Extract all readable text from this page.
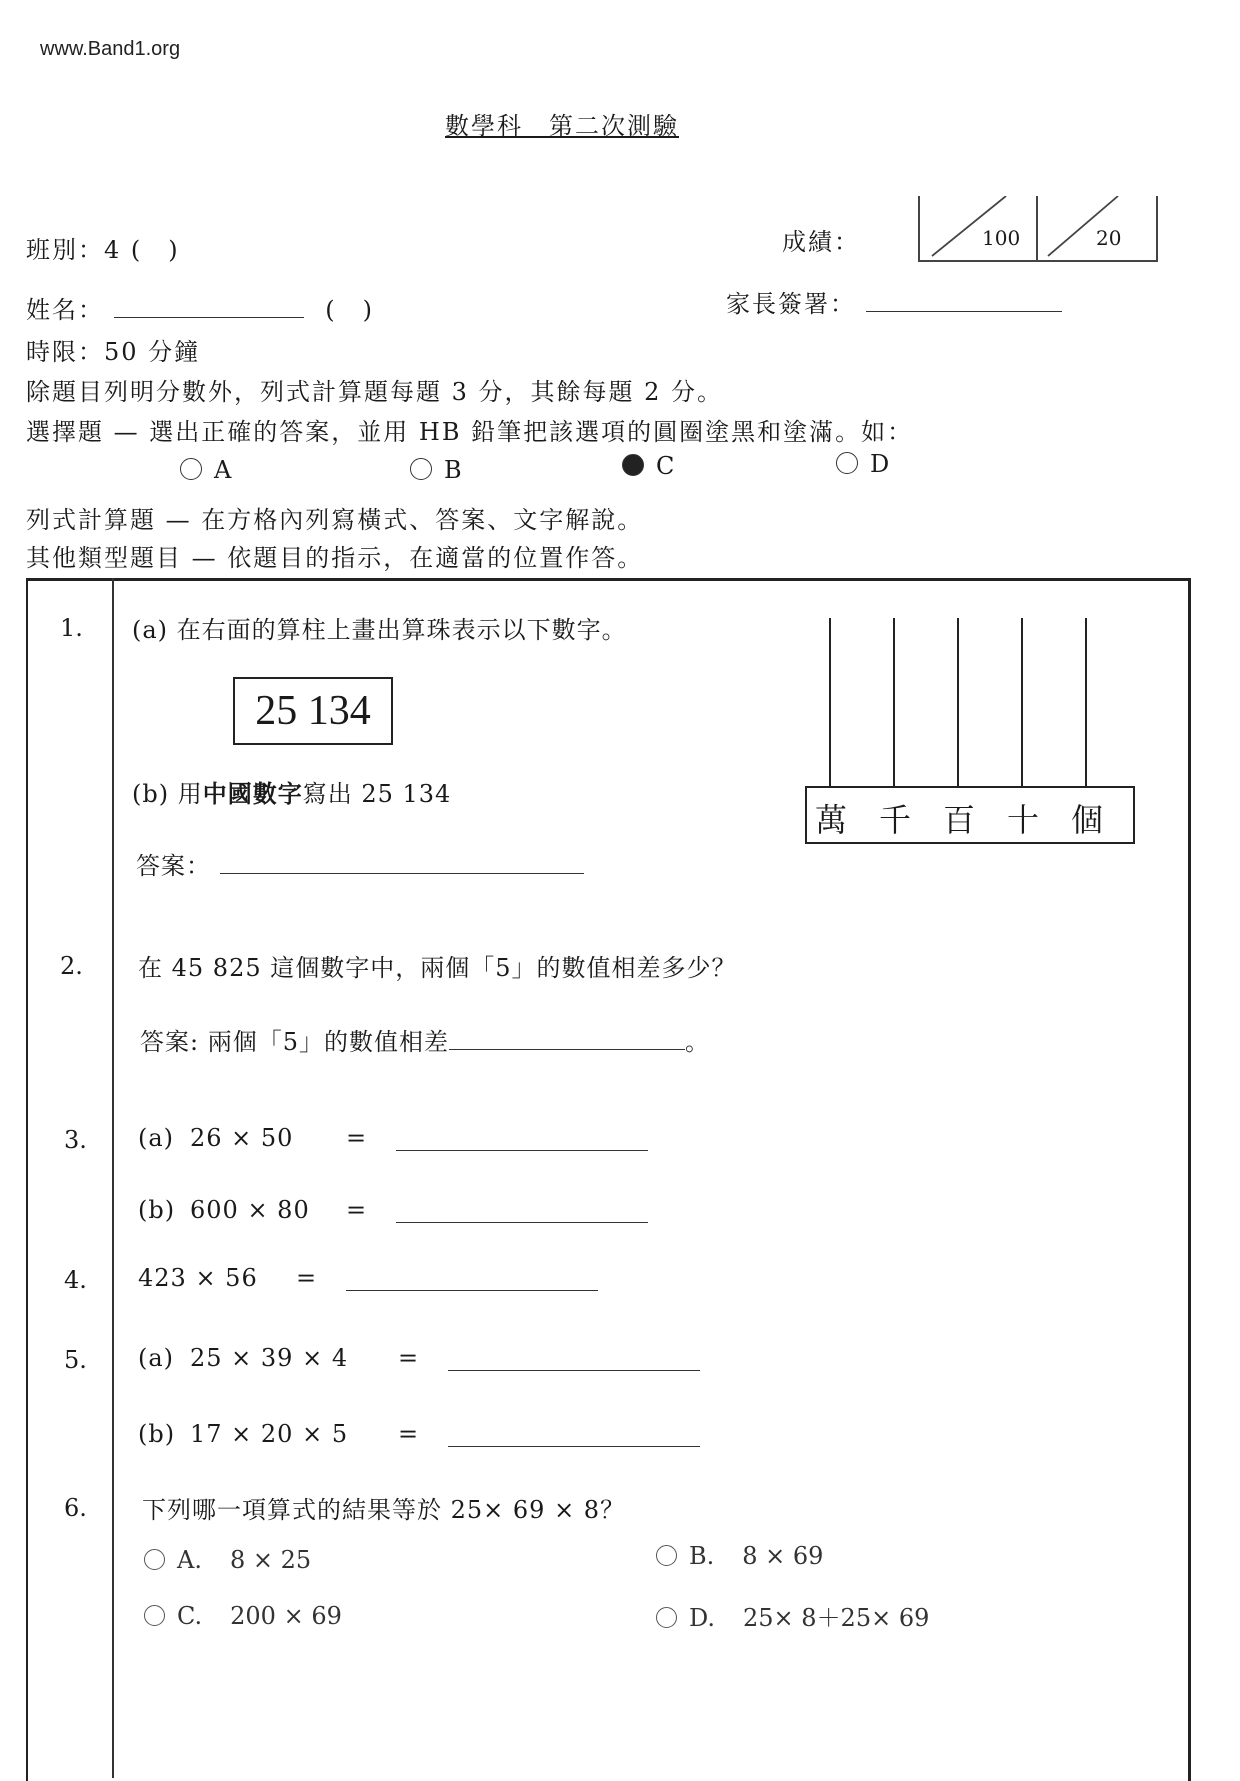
www.Band1.org
數學科　第二次測驗
班別：4 (　)	成績：	100	20
姓名：	(　)	家長簽署：
時限：50 分鐘
除題目列明分數外，列式計算題每題 3 分，其餘每題 2 分。
選擇題 — 選出正確的答案，並用 HB 鉛筆把該選項的圓圈塗黑和塗滿。如：
A	B	C	D
列式計算題 — 在方格內列寫橫式、答案、文字解說。
其他類型題目 — 依題目的指示，在適當的位置作答。
1. (a) 在右面的算柱上畫出算珠表示以下數字。
25 134
(b) 用中國數字寫出 25 134
答案：
萬 千 百 十 個
2. 在 45 825 這個數字中，兩個「5」的數值相差多少？
答案: 兩個「5」的數值相差	。
3. (a) 26 × 50 =
(b) 600 × 80 =
4. 423 × 56 =
5. (a) 25 × 39 × 4 =
(b) 17 × 20 × 5 =
6. 下列哪一項算式的結果等於 25× 69 × 8？
A. 8 × 25	B. 8 × 69
C. 200 × 69	D. 25× 8＋25× 69
